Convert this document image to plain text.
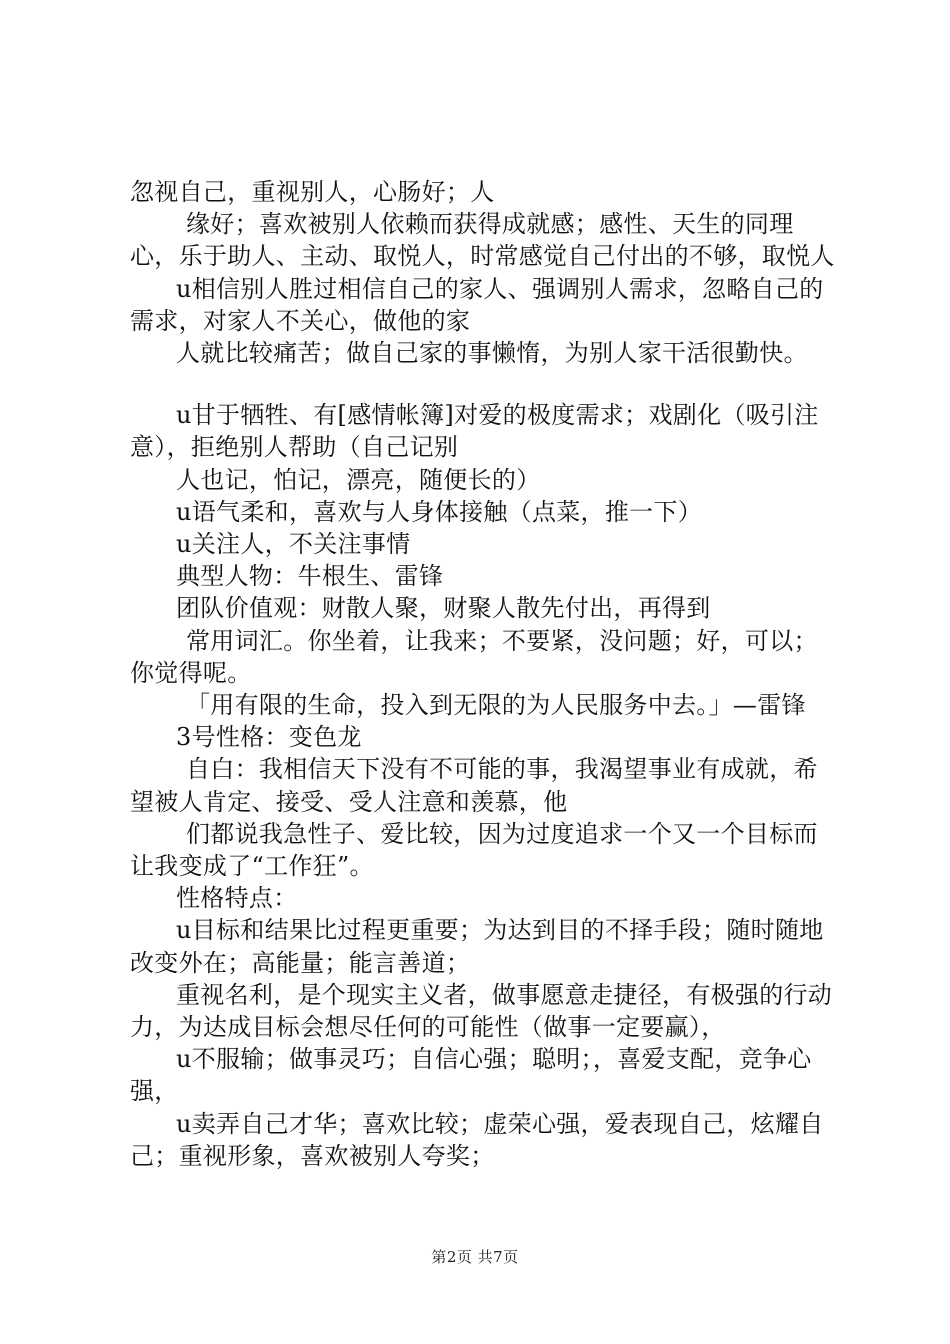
忽视自己，重视别人，心肠好；人

缘好；喜欢被别人依赖而获得成就感；感性、天生的同理心，乐于助人、主动、取悦人，时常感觉自己付出的不够，取悦人

u相信别人胜过相信自己的家人、强调别人需求，忽略自己的需求，对家人不关心，做他的家

人就比较痛苦；做自己家的事懒惰，为别人家干活很勤快。

u甘于牺牲、有[感情帐簿]对爱的极度需求；戏剧化（吸引注意），拒绝别人帮助（自己记别

人也记，怕记，漂亮，随便长的）

u语气柔和，喜欢与人身体接触（点菜，推一下）

u关注人，不关注事情

典型人物：牛根生、雷锋

团队价值观：财散人聚，财聚人散先付出，再得到

常用词汇。你坐着，让我来；不要紧，没问题；好，可以；你觉得呢。

「用有限的生命，投入到无限的为人民服务中去。」—雷锋

3号性格：变色龙

自白：我相信天下没有不可能的事，我渴望事业有成就，希望被人肯定、接受、受人注意和羡慕，他

们都说我急性子、爱比较，因为过度追求一个又一个目标而让我变成了“工作狂”。

性格特点：

u目标和结果比过程更重要；为达到目的不择手段；随时随地改变外在；高能量；能言善道；

重视名利，是个现实主义者，做事愿意走捷径，有极强的行动力，为达成目标会想尽任何的可能性（做事一定要赢），

u不服输；做事灵巧；自信心强；聪明；，喜爱支配，竞争心强，

u卖弄自己才华；喜欢比较；虚荣心强，爱表现自己，炫耀自己；重视形象，喜欢被别人夸奖；

第2页 共7页
